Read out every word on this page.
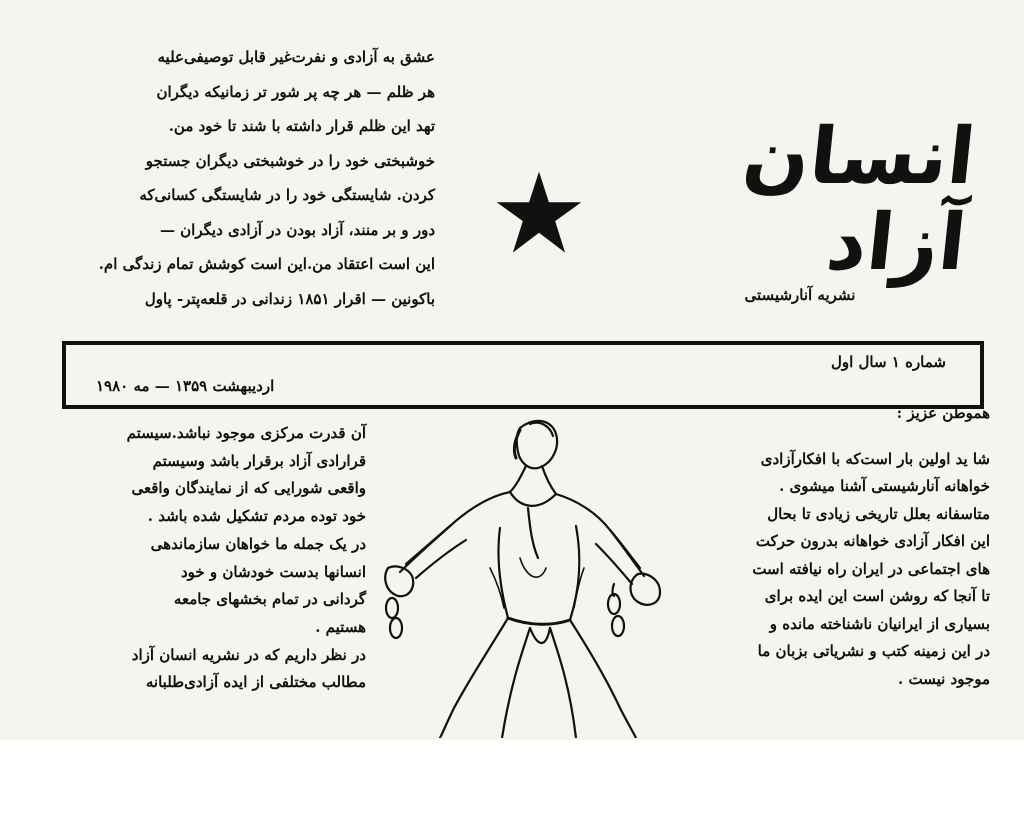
عشق به آزادی و نفرت‌غیر قابل توصیفی‌علیه

هر ظلم — هر چه پر شور تر زمانیکه دیگران

تهد این ظلم قرار داشته با شند تا خود من.

خوشبختی خود را در خوشبختی دیگران جستجو

کردن. شایستگی خود را در شایستگی کسانی‌که

دور و بر منند، آزاد بودن در آزادی دیگران —

این است اعتقاد من.این است کوشش تمام زندگی ام.

باکونین — اقرار ۱۸۵۱ زندانی در قلعه‌پتر- پاول

انسان آزاد
نشریه آنارشیستی
شماره ۱ سال اول
اردیبهشت ۱۳۵۹ — مه ۱۹۸۰

هموطن عزیز :

شا ید اولین بار است‌که با افکارآزادی

خواهانه آنارشیستی آشنا میشوی .

متاسفانه بعلل تاریخی زیادی تا بحال

این افکار آزادی خواهانه بدرون حرکت

های اجتماعی در ایران راه نیافته است

تا آنجا که روشن است این ایده برای

بسیاری از ایرانیان ناشناخته مانده و

در این زمینه کتب و نشریاتی بزبان ما

موجود نیست .

آن قدرت مرکزی موجود نباشد.سیستم

قرارادی آزاد برقرار باشد وسیستم

واقعی شورایی که از نمایندگان واقعی

خود توده مردم تشکیل شده باشد .

در یک جمله ما خواهان سازماندهی

انسانها بدست خودشان و خود

گردانی در تمام بخشهای جامعه

هستیم .

در نظر داریم که در نشریه انسان آزاد

مطالب مختلفی از ایده آزادی‌طلبانه
